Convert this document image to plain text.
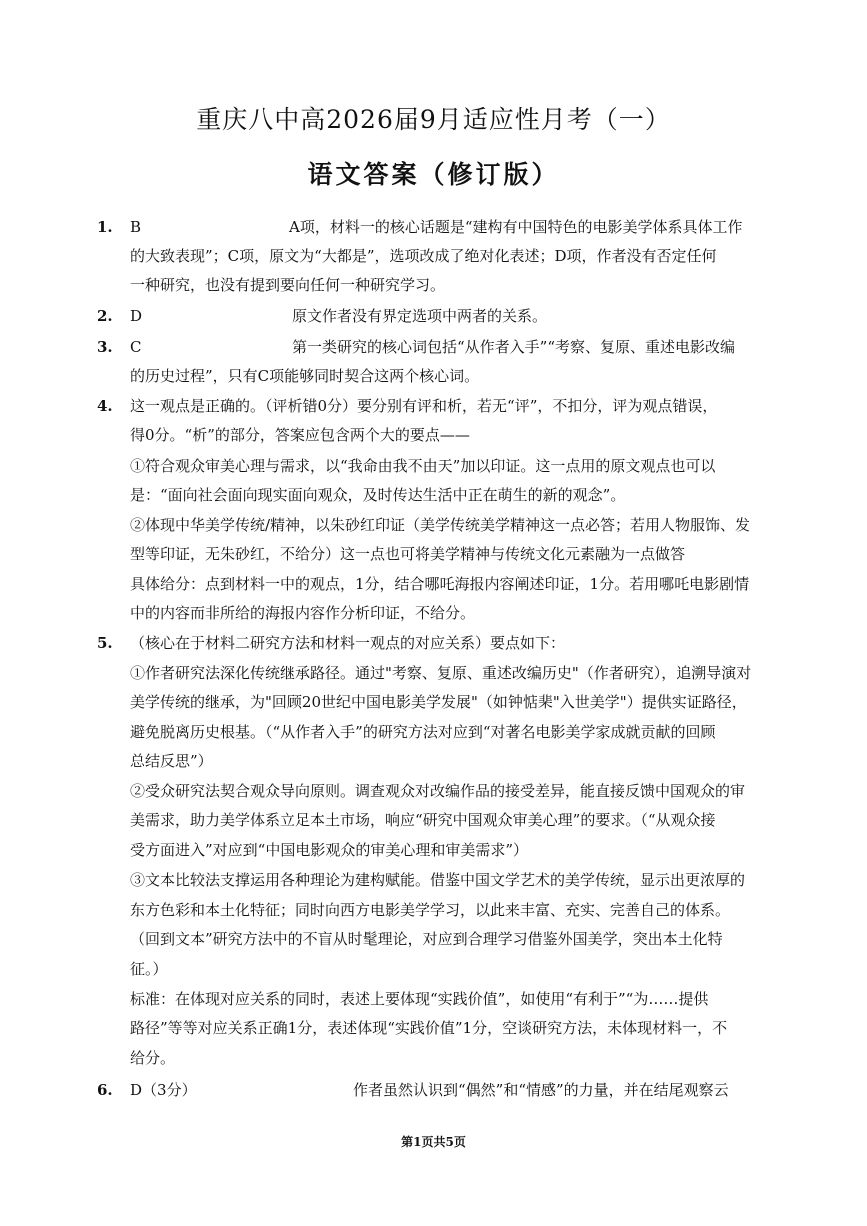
重庆八中高2026届9月适应性月考（一）
语文答案（修订版）
1. B	A项，材料一的核心话题是“建构有中国特色的电影美学体系具体工作
的大致表现”；C项，原文为“大都是”，选项改成了绝对化表述；D项，作者没有否定任何
一种研究，也没有提到要向任何一种研究学习。
2. D	原文作者没有界定选项中两者的关系。
3. C	第一类研究的核心词包括“从作者入手”“考察、复原、重述电影改编
的历史过程”，只有C项能够同时契合这两个核心词。
4. 这一观点是正确的。（评析错0分）要分别有评和析，若无“评”，不扣分，评为观点错误，
得0分。“析”的部分，答案应包含两个大的要点——
①符合观众审美心理与需求，以“我命由我不由天”加以印证。这一点用的原文观点也可以
是：“面向社会面向现实面向观众，及时传达生活中正在萌生的新的观念”。
②体现中华美学传统/精神，以朱砂红印证（美学传统美学精神这一点必答；若用人物服饰、发
型等印证，无朱砂红，不给分）这一点也可将美学精神与传统文化元素融为一点做答
具体给分：点到材料一中的观点，1分，结合哪吒海报内容阐述印证，1分。若用哪吒电影剧情
中的内容而非所给的海报内容作分析印证，不给分。
5. （核心在于材料二研究方法和材料一观点的对应关系）要点如下：
①作者研究法深化传统继承路径。通过"考察、复原、重述改编历史"（作者研究），追溯导演对
美学传统的继承，为"回顾20世纪中国电影美学发展"（如钟惦棐"入世美学"）提供实证路径，
避免脱离历史根基。（“从作者入手”的研究方法对应到“对著名电影美学家成就贡献的回顾
总结反思”）
②受众研究法契合观众导向原则。调查观众对改编作品的接受差异，能直接反馈中国观众的审
美需求，助力美学体系立足本土市场，响应“研究中国观众审美心理”的要求。（“从观众接
受方面进入”对应到“中国电影观众的审美心理和审美需求”）
③文本比较法支撑运用各种理论为建构赋能。借鉴中国文学艺术的美学传统，显示出更浓厚的
东方色彩和本土化特征；同时向西方电影美学学习，以此来丰富、充实、完善自己的体系。
（回到文本”研究方法中的不盲从时髦理论，对应到合理学习借鉴外国美学，突出本土化特
征。）
标准：在体现对应关系的同时，表述上要体现“实践价值”，如使用“有利于”“为……提供
路径”等等对应关系正确1分，表述体现“实践价值”1分，空谈研究方法，未体现材料一，不
给分。
6. D（3分）	作者虽然认识到“偶然”和“情感”的力量，并在结尾观察云
第1页共5页
